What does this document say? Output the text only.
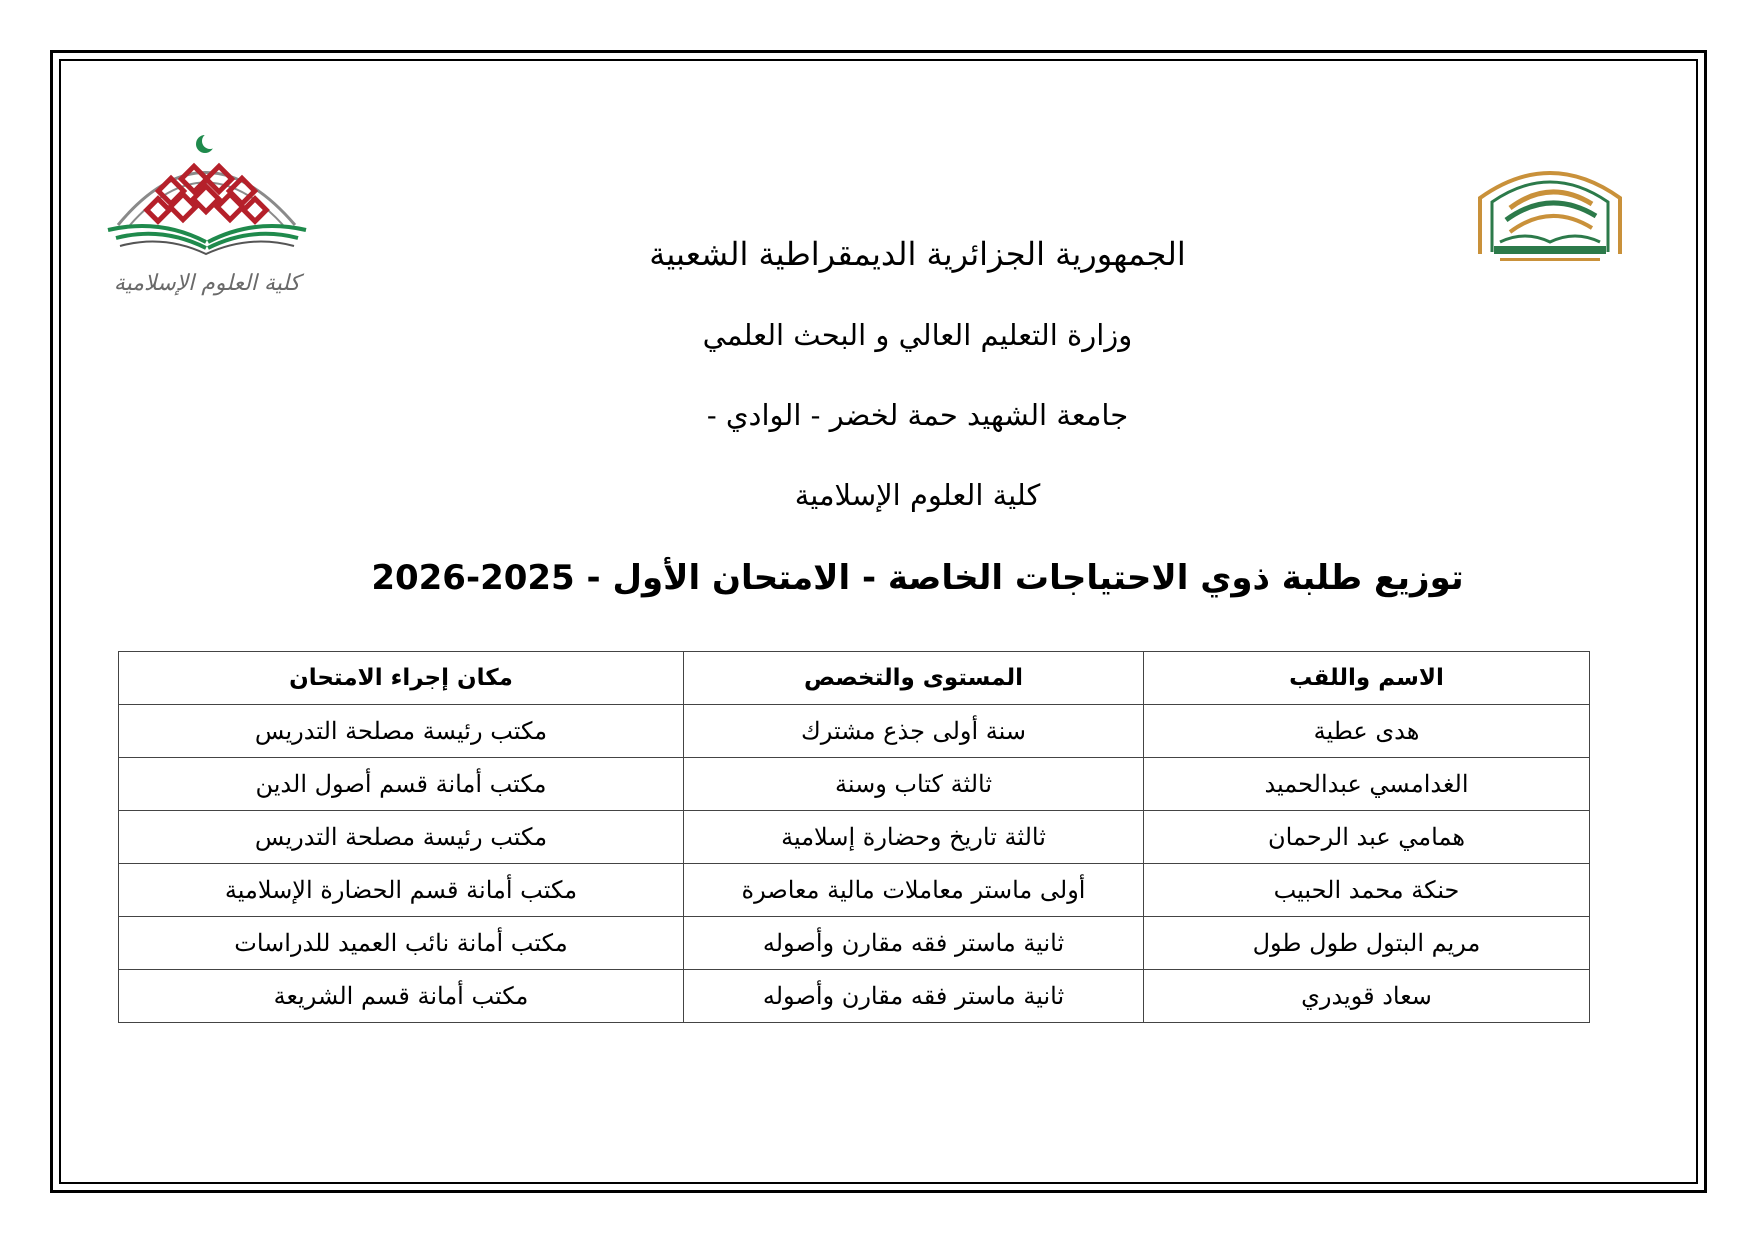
كلية العلوم الإسلامية
الجمهورية الجزائرية الديمقراطية الشعبية
وزارة التعليم العالي و البحث العلمي
جامعة الشهيد حمة لخضر - الوادي -
كلية العلوم الإسلامية
توزيع طلبة ذوي الاحتياجات الخاصة - الامتحان الأول - 2025-2026
الاسم واللقب	المستوى والتخصص	مكان إجراء الامتحان
هدى عطية	سنة أولى جذع مشترك	مكتب رئيسة مصلحة التدريس
الغدامسي عبدالحميد	ثالثة كتاب وسنة	مكتب أمانة قسم أصول الدين
همامي عبد الرحمان	ثالثة تاريخ وحضارة إسلامية	مكتب رئيسة مصلحة التدريس
حنكة محمد الحبيب	أولى ماستر معاملات مالية معاصرة	مكتب أمانة قسم الحضارة الإسلامية
مريم البتول طول طول	ثانية ماستر فقه مقارن وأصوله	مكتب أمانة نائب العميد للدراسات
سعاد قويدري	ثانية ماستر فقه مقارن وأصوله	مكتب أمانة قسم الشريعة
